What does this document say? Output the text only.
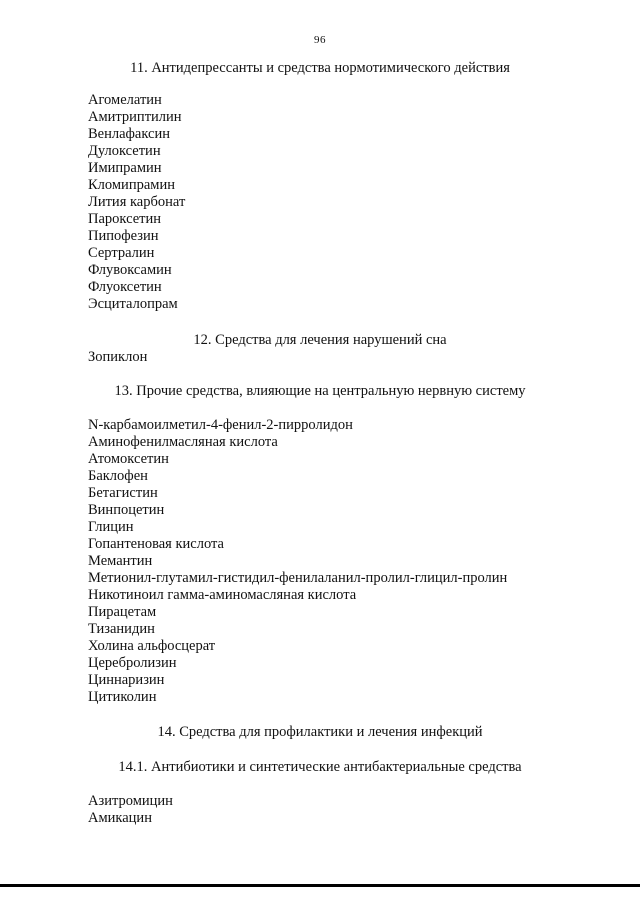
96
11. Антидепрессанты и средства нормотимического действия
Агомелатин
Амитриптилин
Венлафаксин
Дулоксетин
Имипрамин
Кломипрамин
Лития карбонат
Пароксетин
Пипофезин
Сертралин
Флувоксамин
Флуоксетин
Эсциталопрам
12. Средства для лечения нарушений сна
Зопиклон
13. Прочие средства, влияющие на центральную нервную систему
N-карбамоилметил-4-фенил-2-пирролидон
Аминофенилмасляная кислота
Атомоксетин
Баклофен
Бетагистин
Винпоцетин
Глицин
Гопантеновая кислота
Мемантин
Метионил-глутамил-гистидил-фенилаланил-пролил-глицил-пролин
Никотиноил гамма-аминомасляная кислота
Пирацетам
Тизанидин
Холина альфосцерат
Церебролизин
Циннаризин
Цитиколин
14. Средства для профилактики и лечения инфекций
14.1. Антибиотики и синтетические антибактериальные средства
Азитромицин
Амикацин
